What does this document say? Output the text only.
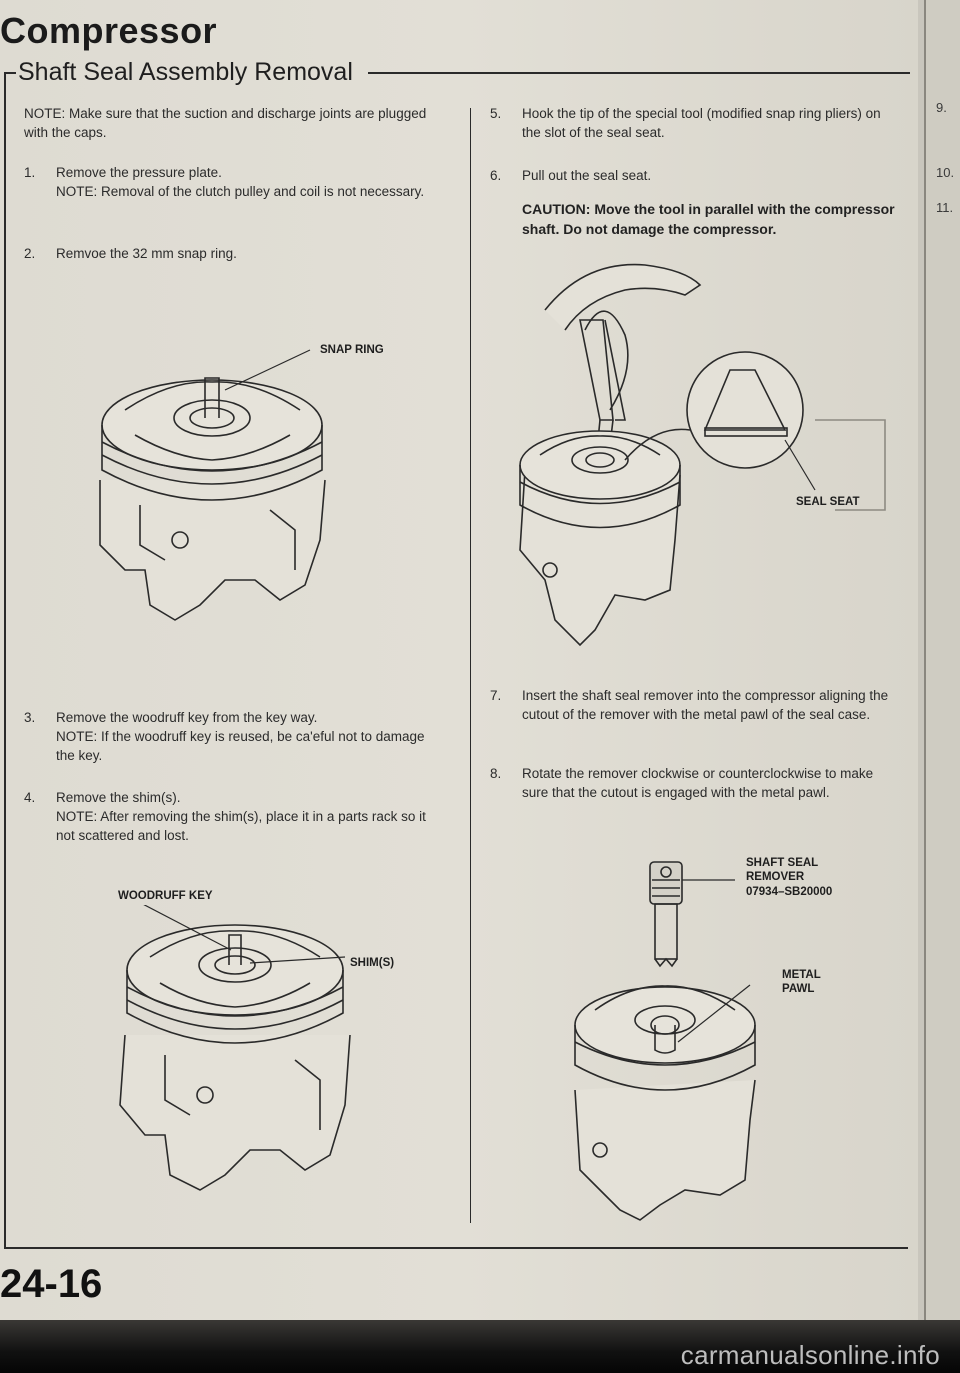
9.
10.
11.
Compressor
Shaft Seal Assembly Removal
NOTE: Make sure that the suction and discharge joints are plugged with the caps.
1. Remove the pressure plate.
NOTE: Removal of the clutch pulley and coil is not necessary.
2. Remvoe the 32 mm snap ring.
SNAP RING
3. Remove the woodruff key from the key way.
NOTE: If the woodruff key is reused, be ca'eful not to damage the key.
4. Remove the shim(s).
NOTE: After removing the shim(s), place it in a parts rack so it not scattered and lost.
WOODRUFF KEY
SHIM(S)
5. Hook the tip of the special tool (modified snap ring pliers) on the slot of the seal seat.
6. Pull out the seal seat.
CAUTION: Move the tool in parallel with the compressor shaft. Do not damage the compressor.
SEAL SEAT
7. Insert the shaft seal remover into the compressor aligning the cutout of the remover with the metal pawl of the seal case.
8. Rotate the remover clockwise or counterclockwise to make sure that the cutout is engaged with the metal pawl.
SHAFT SEAL
REMOVER
07934–SB20000
METAL
PAWL
24-16
carmanualsonline.info
